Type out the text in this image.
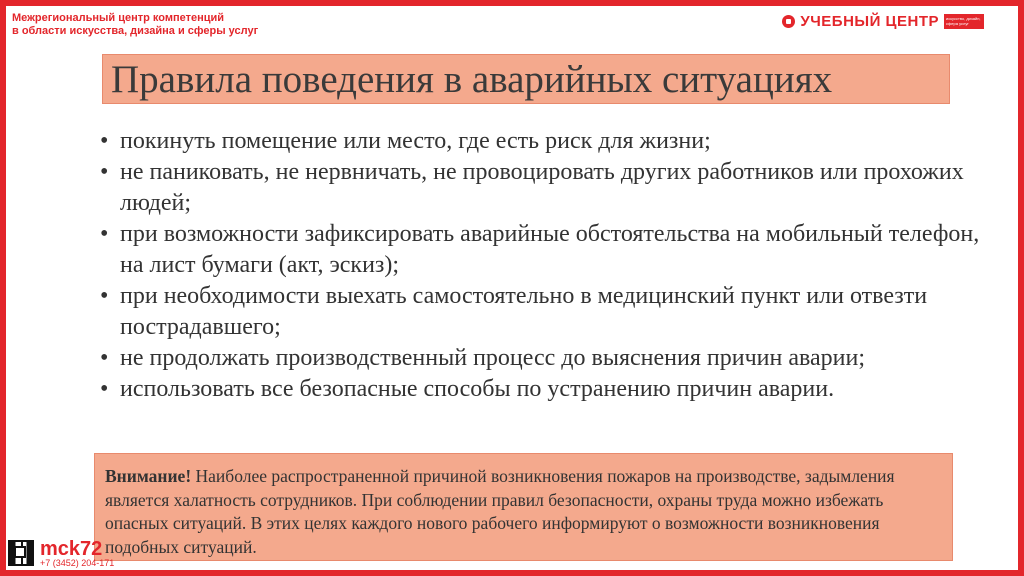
Межрегиональный центр компетенций
в области искусства, дизайна и сферы услуг
УЧЕБНЫЙ ЦЕНТР	искусство, дизайн, сфера услуг
Правила поведения в аварийных ситуациях
• покинуть помещение или место, где есть риск для жизни;
• не паниковать, не нервничать, не провоцировать других работников или прохожих людей;
• при возможности зафиксировать аварийные обстоятельства на мобильный телефон, на лист бумаги (акт, эскиз);
• при необходимости выехать самостоятельно в медицинский пункт или отвезти пострадавшего;
• не продолжать производственный процесс до выяснения причин аварии;
• использовать все безопасные способы по устранению причин аварии.
Внимание! Наиболее распространенной причиной возникновения пожаров на производстве, задымления является халатность сотрудников. При соблюдении правил безопасности, охраны труда можно избежать опасных ситуаций. В этих целях каждого нового рабочего информируют о возможности возникновения подобных ситуаций.
mck72
+7 (3452) 204-171
